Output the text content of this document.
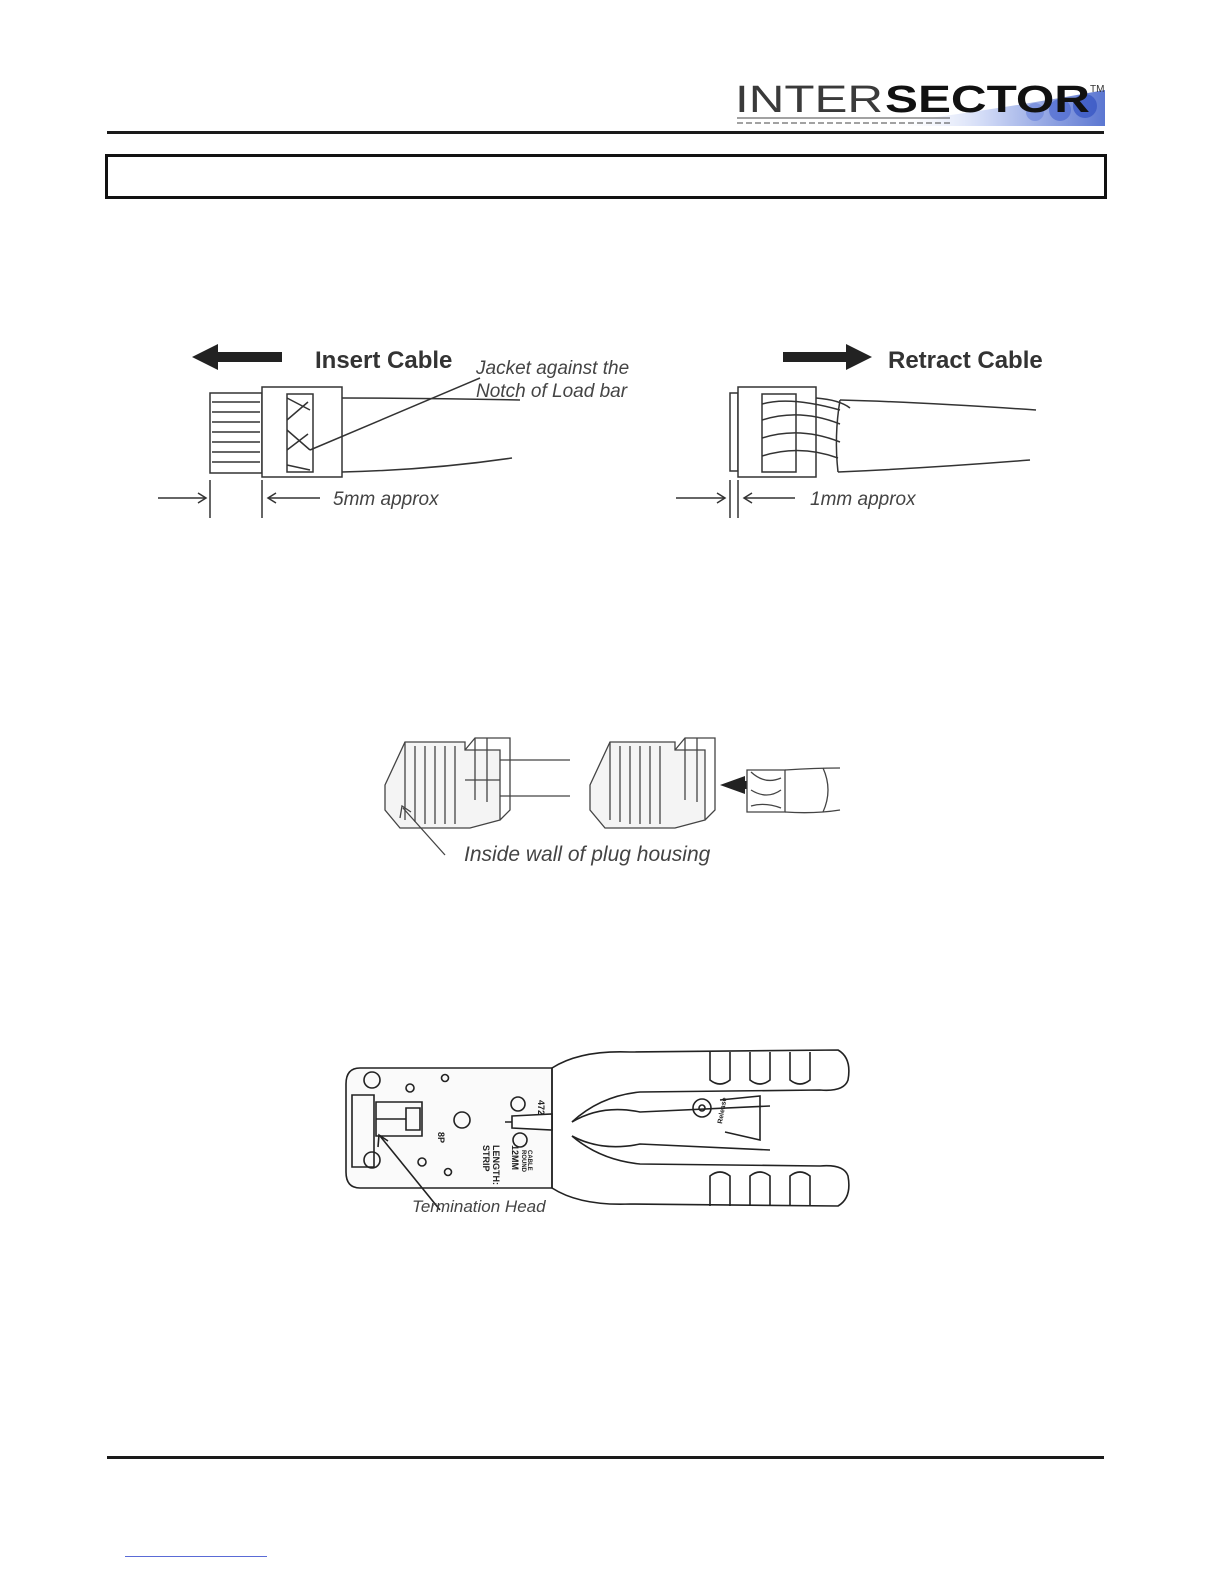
INTER SECTOR TM
Insert Cable	Retract Cable
Jacket against the
Notch of Load bar
5mm approx	1mm approx
Inside wall of plug housing
8P
STRIP LENGTH: 12MM ROUND CABLE
472	Release
Termination Head
